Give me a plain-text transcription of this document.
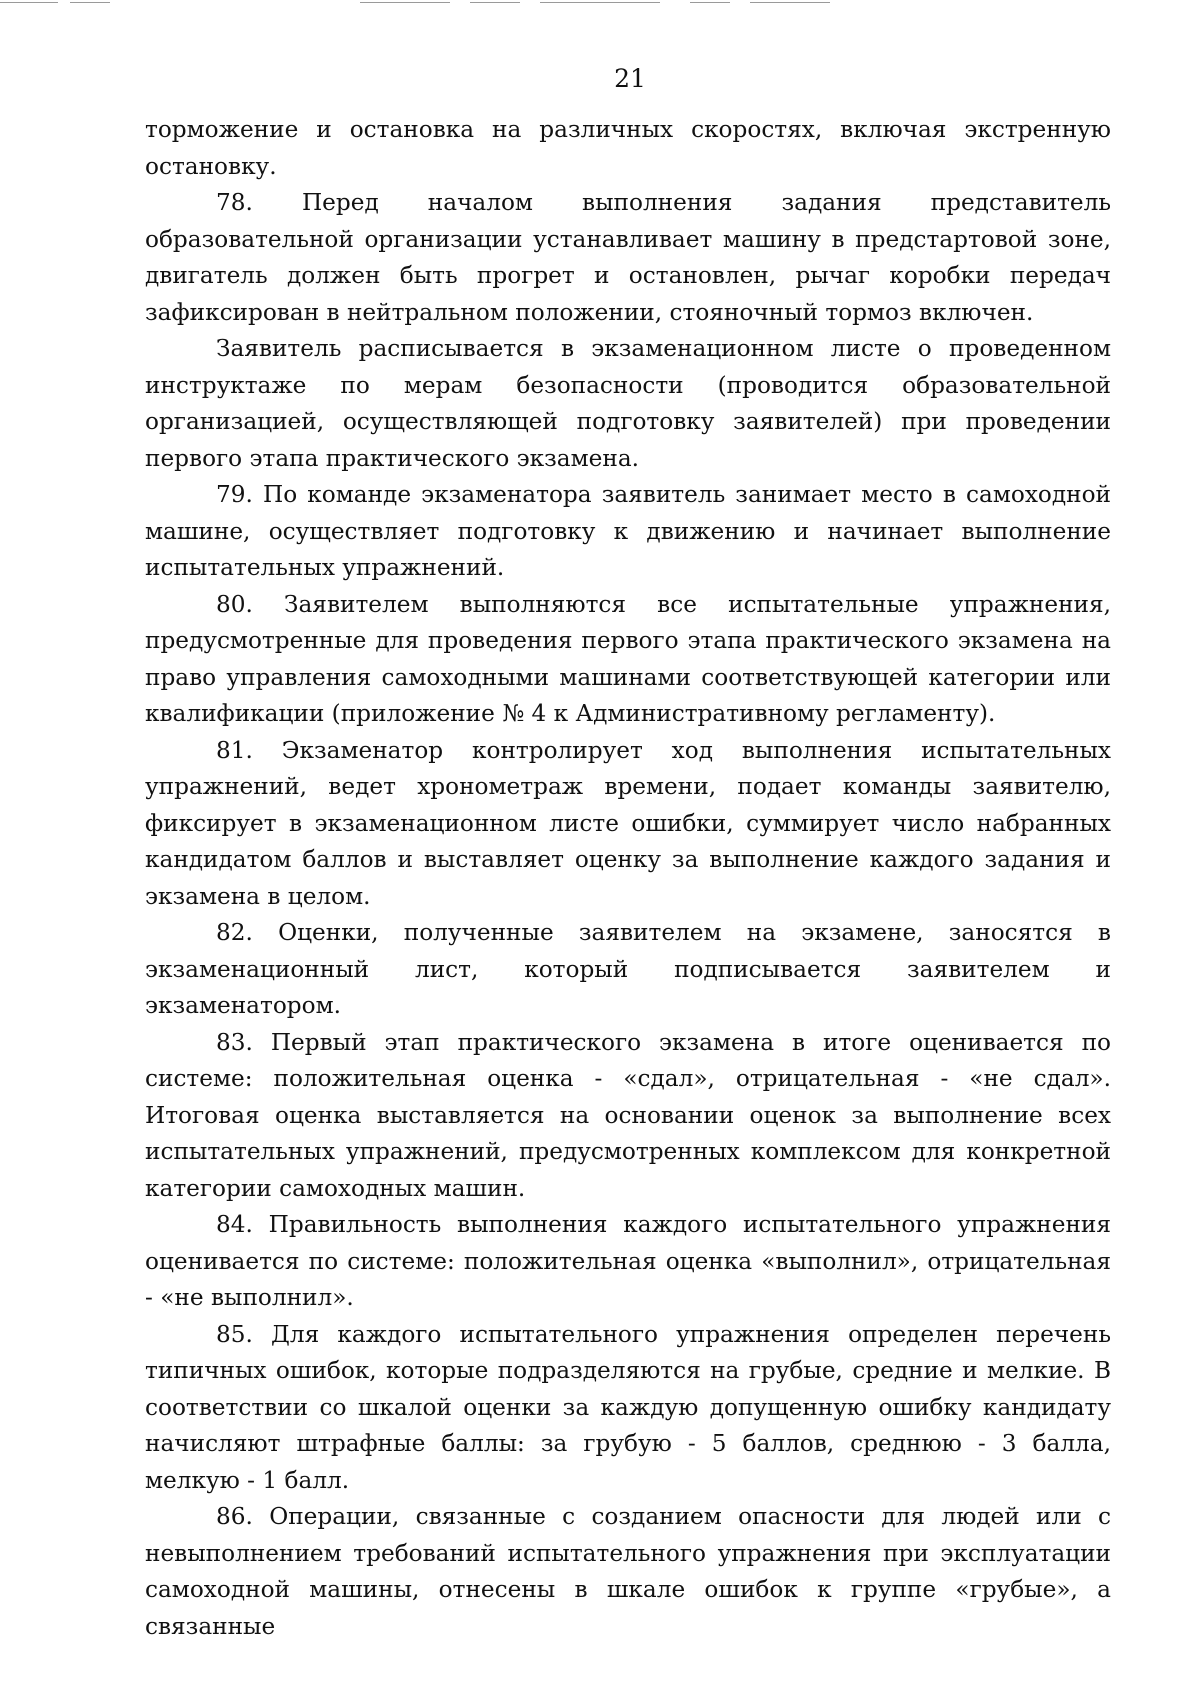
21

торможение и остановка на различных скоростях, включая экстренную остановку.

78. Перед началом выполнения задания представитель образовательной организации устанавливает машину в предстартовой зоне, двигатель должен быть прогрет и остановлен, рычаг коробки передач зафиксирован в нейтральном положении, стояночный тормоз включен.

Заявитель расписывается в экзаменационном листе о проведенном инструктаже по мерам безопасности (проводится образовательной организацией, осуществляющей подготовку заявителей) при проведении первого этапа практического экзамена.

79. По команде экзаменатора заявитель занимает место в самоходной машине, осуществляет подготовку к движению и начинает выполнение испытательных упражнений.

80. Заявителем выполняются все испытательные упражнения, предусмотренные для проведения первого этапа практического экзамена на право управления самоходными машинами соответствующей категории или квалификации (приложение № 4 к Административному регламенту).

81. Экзаменатор контролирует ход выполнения испытательных упражнений, ведет хронометраж времени, подает команды заявителю, фиксирует в экзаменационном листе ошибки, суммирует число набранных кандидатом баллов и выставляет оценку за выполнение каждого задания и экзамена в целом.

82. Оценки, полученные заявителем на экзамене, заносятся в экзаменационный лист, который подписывается заявителем и экзаменатором.

83. Первый этап практического экзамена в итоге оценивается по системе: положительная оценка - «сдал», отрицательная - «не сдал». Итоговая оценка выставляется на основании оценок за выполнение всех испытательных упражнений, предусмотренных комплексом для конкретной категории самоходных машин.

84. Правильность выполнения каждого испытательного упражнения оценивается по системе: положительная оценка «выполнил», отрицательная - «не выполнил».

85. Для каждого испытательного упражнения определен перечень типичных ошибок, которые подразделяются на грубые, средние и мелкие. В соответствии со шкалой оценки за каждую допущенную ошибку кандидату начисляют штрафные баллы: за грубую - 5 баллов, среднюю - 3 балла, мелкую - 1 балл.

86. Операции, связанные с созданием опасности для людей или с невыполнением требований испытательного упражнения при эксплуатации самоходной машины, отнесены в шкале ошибок к группе «грубые», а связанные
